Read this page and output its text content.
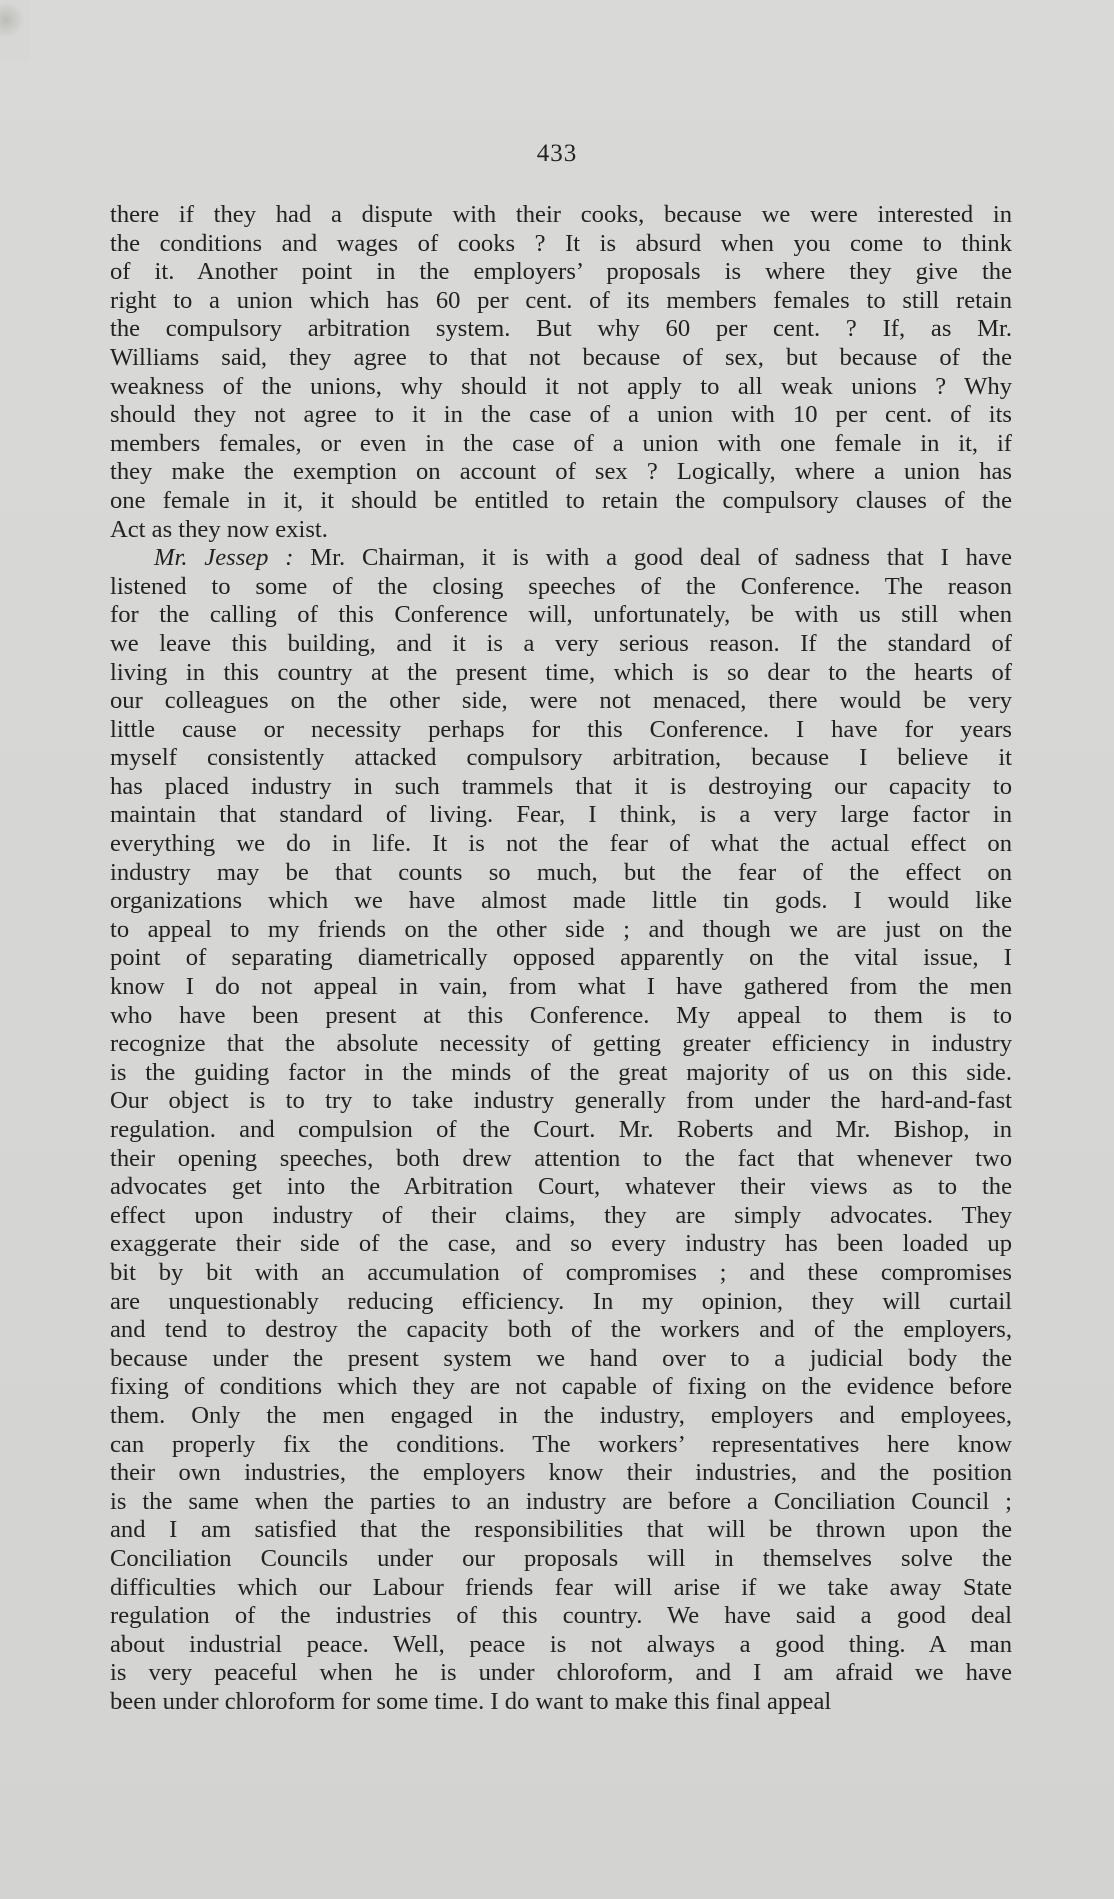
433
there if they had a dispute with their cooks, because we were interested in
the conditions and wages of cooks ? It is absurd when you come to think
of it. Another point in the employers’ proposals is where they give the
right to a union which has 60 per cent. of its members females to still retain
the compulsory arbitration system. But why 60 per cent. ? If, as Mr.
Williams said, they agree to that not because of sex, but because of the
weakness of the unions, why should it not apply to all weak unions ? Why
should they not agree to it in the case of a union with 10 per cent. of its
members females, or even in the case of a union with one female in it, if
they make the exemption on account of sex ? Logically, where a union has
one female in it, it should be entitled to retain the compulsory clauses of the
Act as they now exist.
Mr. Jessep : Mr. Chairman, it is with a good deal of sadness that I have
listened to some of the closing speeches of the Conference. The reason
for the calling of this Conference will, unfortunately, be with us still when
we leave this building, and it is a very serious reason. If the standard of
living in this country at the present time, which is so dear to the hearts of
our colleagues on the other side, were not menaced, there would be very
little cause or necessity perhaps for this Conference. I have for years
myself consistently attacked compulsory arbitration, because I believe it
has placed industry in such trammels that it is destroying our capacity to
maintain that standard of living. Fear, I think, is a very large factor in
everything we do in life. It is not the fear of what the actual effect on
industry may be that counts so much, but the fear of the effect on
organizations which we have almost made little tin gods. I would like
to appeal to my friends on the other side ; and though we are just on the
point of separating diametrically opposed apparently on the vital issue, I
know I do not appeal in vain, from what I have gathered from the men
who have been present at this Conference. My appeal to them is to
recognize that the absolute necessity of getting greater efficiency in industry
is the guiding factor in the minds of the great majority of us on this side.
Our object is to try to take industry generally from under the hard-and-fast
regulation. and compulsion of the Court. Mr. Roberts and Mr. Bishop, in
their opening speeches, both drew attention to the fact that whenever two
advocates get into the Arbitration Court, whatever their views as to the
effect upon industry of their claims, they are simply advocates. They
exaggerate their side of the case, and so every industry has been loaded up
bit by bit with an accumulation of compromises ; and these compromises
are unquestionably reducing efficiency. In my opinion, they will curtail
and tend to destroy the capacity both of the workers and of the employers,
because under the present system we hand over to a judicial body the
fixing of conditions which they are not capable of fixing on the evidence before
them. Only the men engaged in the industry, employers and employees,
can properly fix the conditions. The workers’ representatives here know
their own industries, the employers know their industries, and the position
is the same when the parties to an industry are before a Conciliation Council ;
and I am satisfied that the responsibilities that will be thrown upon the
Conciliation Councils under our proposals will in themselves solve the
difficulties which our Labour friends fear will arise if we take away State
regulation of the industries of this country. We have said a good deal
about industrial peace. Well, peace is not always a good thing. A man
is very peaceful when he is under chloroform, and I am afraid we have
been under chloroform for some time. I do want to make this final appeal
